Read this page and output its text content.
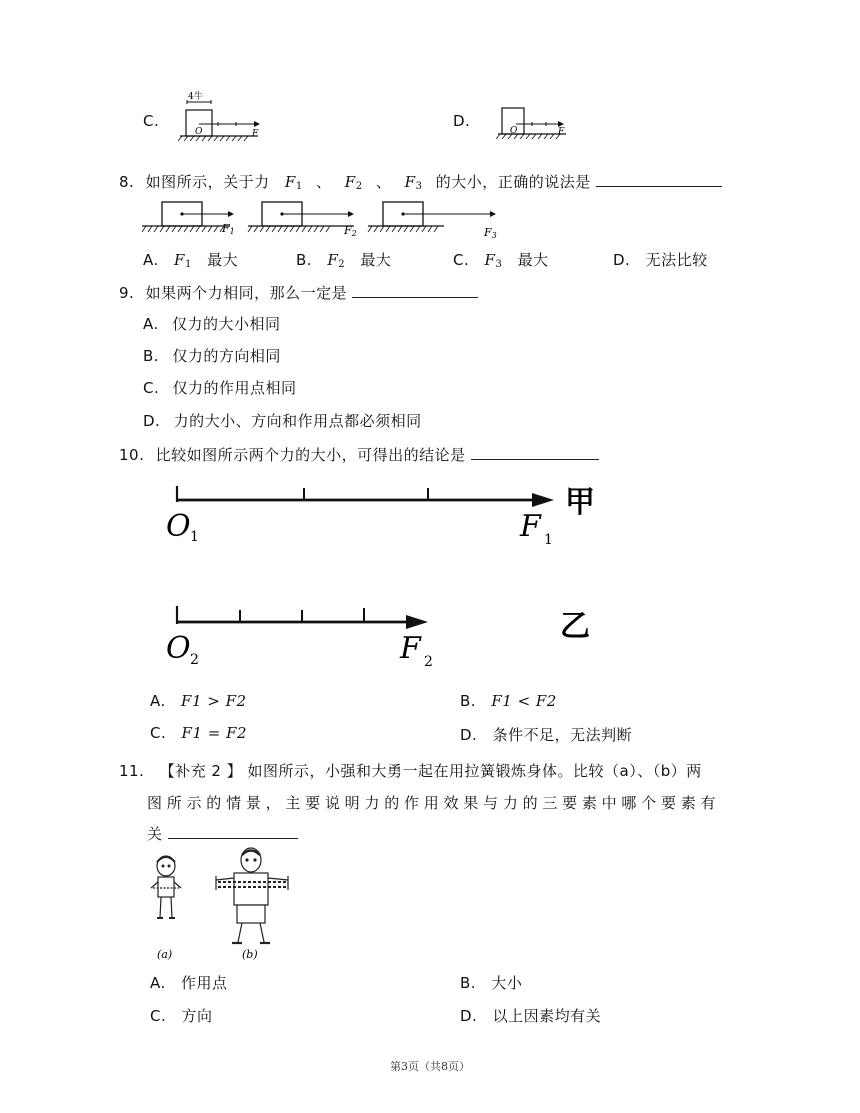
C.
4牛
O	F
D.
O	F
8. 如图所示，关于力 $F_1$ 、 $F_2$ 、 $F_3$ 的大小，正确的说法是
F1	F2	F3
A. $F_1$ 最大	B. $F_2$ 最大	C. $F_3$ 最大	D. 无法比较
9. 如果两个力相同，那么一定是
A. 仅力的大小相同
B. 仅力的方向相同
C. 仅力的作用点相同
D. 力的大小、方向和作用点都必须相同
10. 比较如图所示两个力的大小，可得出的结论是
O 1	F 1
甲
O 2	F 2
乙
A. F1 > F2	B. F1 < F2
C. F1 = F2	D. 条件不足，无法判断
11. 【补充 2 】 如图所示，小强和大勇一起在用拉簧锻炼身体。比较（a）、（b）两
图 所 示 的 情 景 ， 主 要 说 明 力 的 作 用 效 果 与 力 的 三 要 素 中 哪 个 要 素 有
关
(a)	(b)
A. 作用点	B. 大小
C. 方向	D. 以上因素均有关
第3页（共8页）
